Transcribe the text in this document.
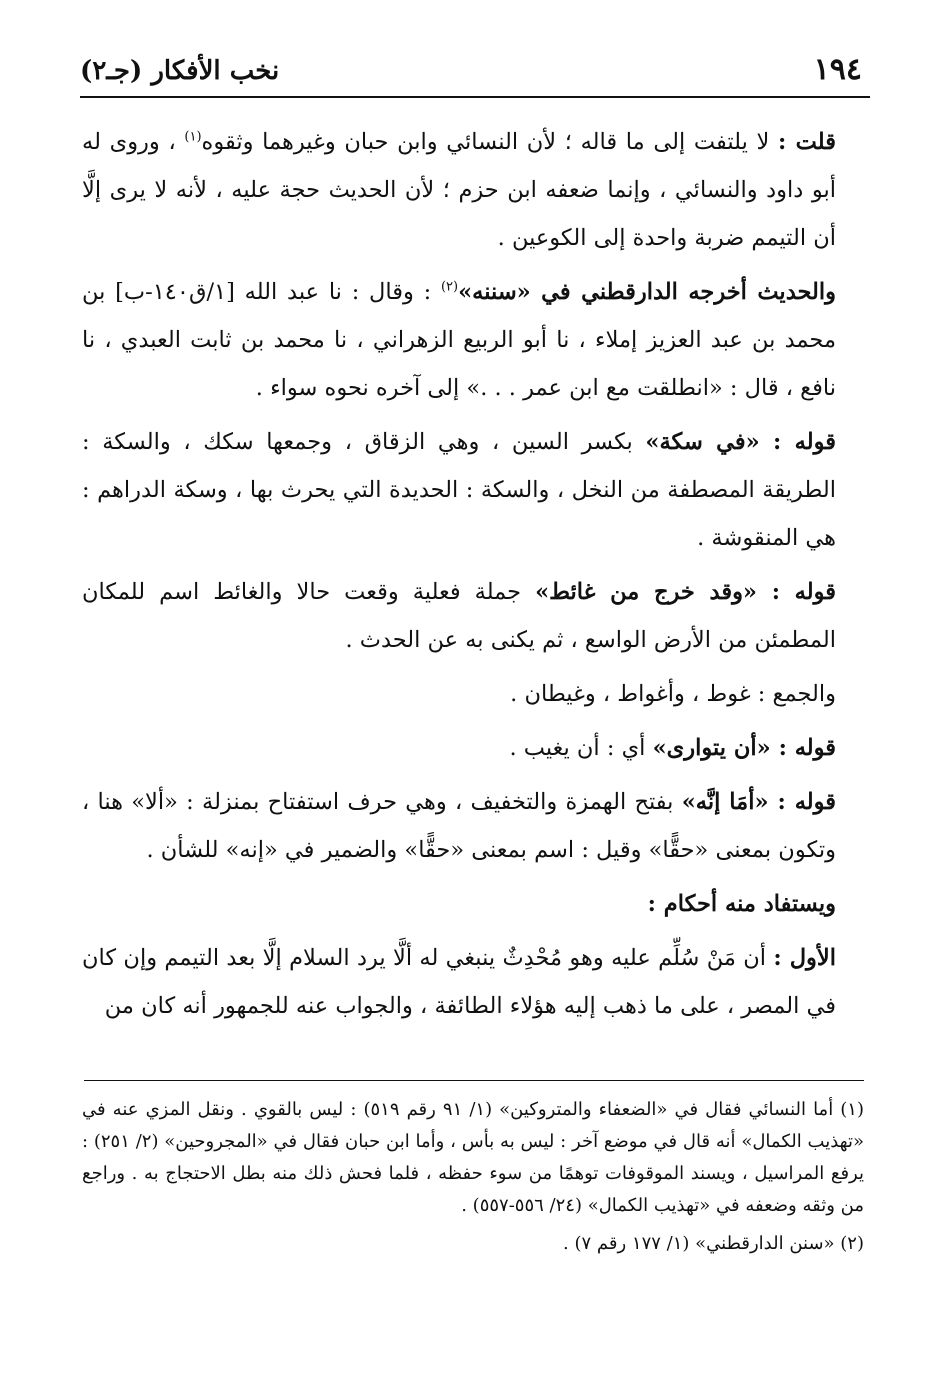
١٩٤
نخب الأفكار (جـ٢)

قلت : لا يلتفت إلى ما قاله ؛ لأن النسائي وابن حبان وغيرهما وثقوه$^{(١)}$ ، وروى له أبو داود والنسائي ، وإنما ضعفه ابن حزم ؛ لأن الحديث حجة عليه ، لأنه لا يرى إلَّا أن التيمم ضربة واحدة إلى الكوعين .

والحديث أخرجه الدارقطني في «سننه»$^{(٢)}$ : وقال : نا عبد الله [١/ق١٤٠-ب] بن محمد بن عبد العزيز إملاء ، نا أبو الربيع الزهراني ، نا محمد بن ثابت العبدي ، نا نافع ، قال : «انطلقت مع ابن عمر . . .» إلى آخره نحوه سواء .

قوله : «في سكة» بكسر السين ، وهي الزقاق ، وجمعها سكك ، والسكة : الطريقة المصطفة من النخل ، والسكة : الحديدة التي يحرث بها ، وسكة الدراهم : هي المنقوشة .

قوله : «وقد خرج من غائط» جملة فعلية وقعت حالا والغائط اسم للمكان المطمئن من الأرض الواسع ، ثم يكنى به عن الحدث .

والجمع : غوط ، وأغواط ، وغيطان .

قوله : «أن يتوارى» أي : أن يغيب .

قوله : «أمَا إنَّه» بفتح الهمزة والتخفيف ، وهي حرف استفتاح بمنزلة : «ألا» هنا ، وتكون بمعنى «حقًّا» وقيل : اسم بمعنى «حقًّا» والضمير في «إنه» للشأن .

ويستفاد منه أحكام :

الأول : أن مَنْ سُلِّم عليه وهو مُحْدِثٌ ينبغي له ألَّا يرد السلام إلَّا بعد التيمم وإن كان في المصر ، على ما ذهب إليه هؤلاء الطائفة ، والجواب عنه للجمهور أنه كان من

(١) أما النسائي فقال في «الضعفاء والمتروكين» (١/ ٩١ رقم ٥١٩) : ليس بالقوي . ونقل المزي عنه في «تهذيب الكمال» أنه قال في موضع آخر : ليس به بأس ، وأما ابن حبان فقال في «المجروحين» (٢/ ٢٥١) : يرفع المراسيل ، ويسند الموقوفات توهمًا من سوء حفظه ، فلما فحش ذلك منه بطل الاحتجاج به . وراجع من وثقه وضعفه في «تهذيب الكمال» (٢٤/ ٥٥٦-٥٥٧) .

(٢) «سنن الدارقطني» (١/ ١٧٧ رقم ٧) .
